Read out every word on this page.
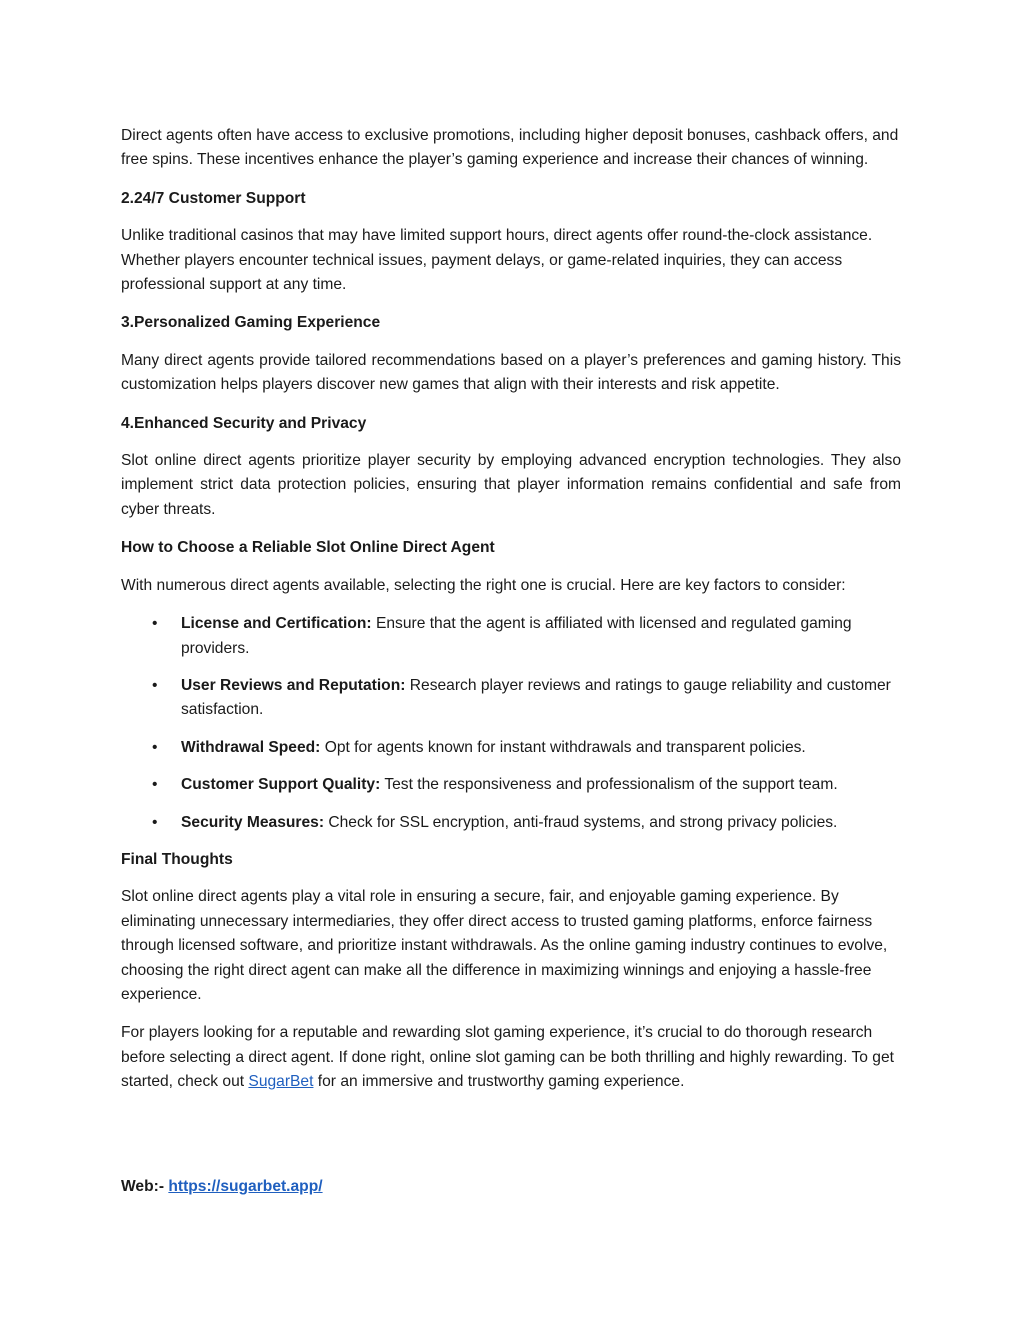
Direct agents often have access to exclusive promotions, including higher deposit bonuses, cashback offers, and free spins. These incentives enhance the player’s gaming experience and increase their chances of winning.

2.24/7 Customer Support

Unlike traditional casinos that may have limited support hours, direct agents offer round-the-clock assistance. Whether players encounter technical issues, payment delays, or game-related inquiries, they can access professional support at any time.

3.Personalized Gaming Experience

Many direct agents provide tailored recommendations based on a player’s preferences and gaming history. This customization helps players discover new games that align with their interests and risk appetite.

4.Enhanced Security and Privacy

Slot online direct agents prioritize player security by employing advanced encryption technologies. They also implement strict data protection policies, ensuring that player information remains confidential and safe from cyber threats.

How to Choose a Reliable Slot Online Direct Agent

With numerous direct agents available, selecting the right one is crucial. Here are key factors to consider:

• License and Certification: Ensure that the agent is affiliated with licensed and regulated gaming providers.
• User Reviews and Reputation: Research player reviews and ratings to gauge reliability and customer satisfaction.
• Withdrawal Speed: Opt for agents known for instant withdrawals and transparent policies.
• Customer Support Quality: Test the responsiveness and professionalism of the support team.
• Security Measures: Check for SSL encryption, anti-fraud systems, and strong privacy policies.

Final Thoughts

Slot online direct agents play a vital role in ensuring a secure, fair, and enjoyable gaming experience. By eliminating unnecessary intermediaries, they offer direct access to trusted gaming platforms, enforce fairness through licensed software, and prioritize instant withdrawals. As the online gaming industry continues to evolve, choosing the right direct agent can make all the difference in maximizing winnings and enjoying a hassle-free experience.

For players looking for a reputable and rewarding slot gaming experience, it’s crucial to do thorough research before selecting a direct agent. If done right, online slot gaming can be both thrilling and highly rewarding. To get started, check out SugarBet for an immersive and trustworthy gaming experience.

Web:- https://sugarbet.app/
